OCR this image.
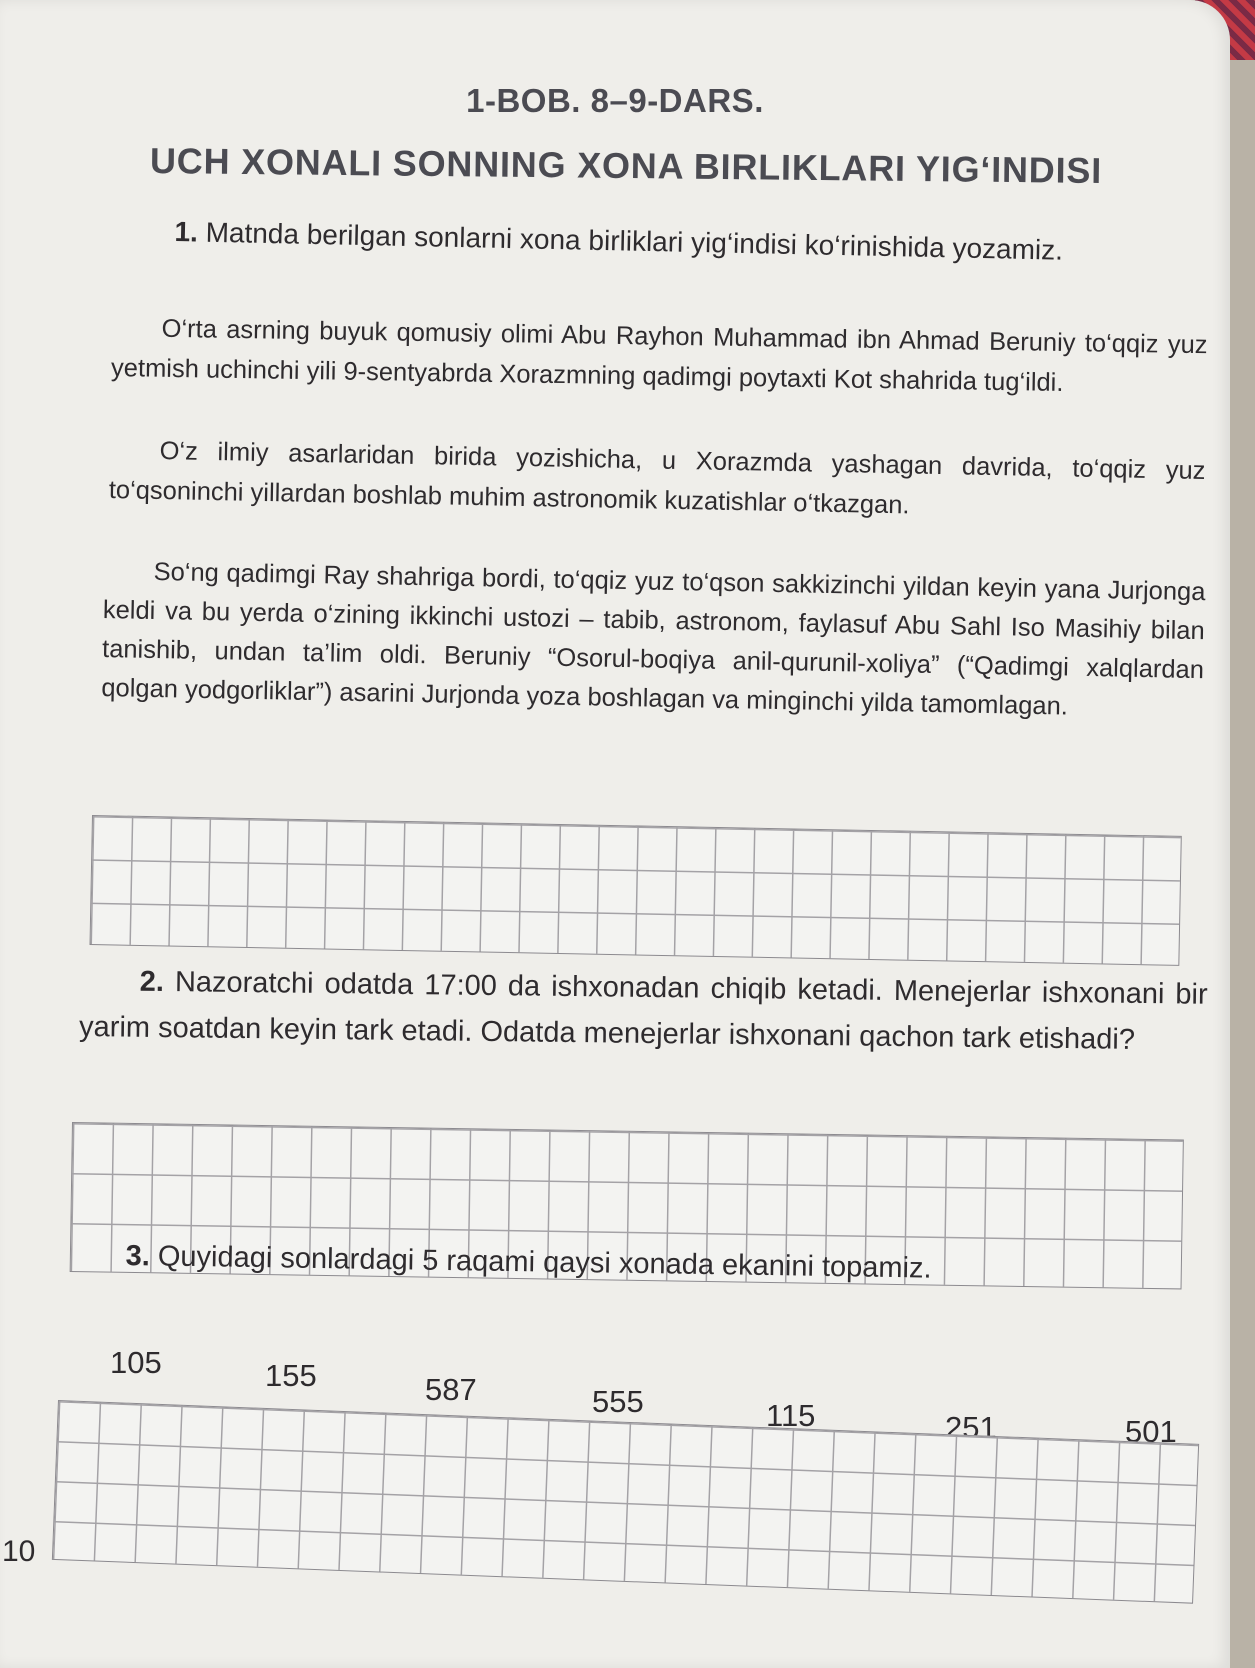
1-BOB. 8–9-DARS.
UCH XONALI SONNING XONA BIRLIKLARI YIG‘INDISI
1. Matnda berilgan sonlarni xona birliklari yig‘indisi ko‘rinishida yozamiz.
O‘rta asrning buyuk qomusiy olimi Abu Rayhon Muhammad ibn Ahmad Beruniy to‘qqiz yuz yetmish uchinchi yili 9-sentyabrda Xorazmning qadimgi poytaxti Kot shahrida tug‘ildi.
O‘z ilmiy asarlaridan birida yozishicha, u Xorazmda yashagan davrida, to‘qqiz yuz to‘qsoninchi yillardan boshlab muhim astronomik kuzatishlar o‘tkazgan.
So‘ng qadimgi Ray shahriga bordi, to‘qqiz yuz to‘qson sakkizinchi yildan keyin yana Jurjonga keldi va bu yerda o‘zining ikkinchi ustozi – tabib, astronom, faylasuf Abu Sahl Iso Masihiy bilan tanishib, undan ta’lim oldi. Beruniy “Osorul-boqiya anil-qurunil-xoliya” (“Qadimgi xalqlardan qolgan yodgorliklar”) asarini Jurjonda yoza boshlagan va minginchi yilda tamomlagan.
2. Nazoratchi odatda 17:00 da ishxonadan chiqib ketadi. Menejerlar ishxonani bir yarim soatdan keyin tark etadi. Odatda menejerlar ishxonani qachon tark etishadi?
3. Quyidagi sonlardagi 5 raqami qaysi xonada ekanini topamiz.
105	155	587	555	115	251	501
10
